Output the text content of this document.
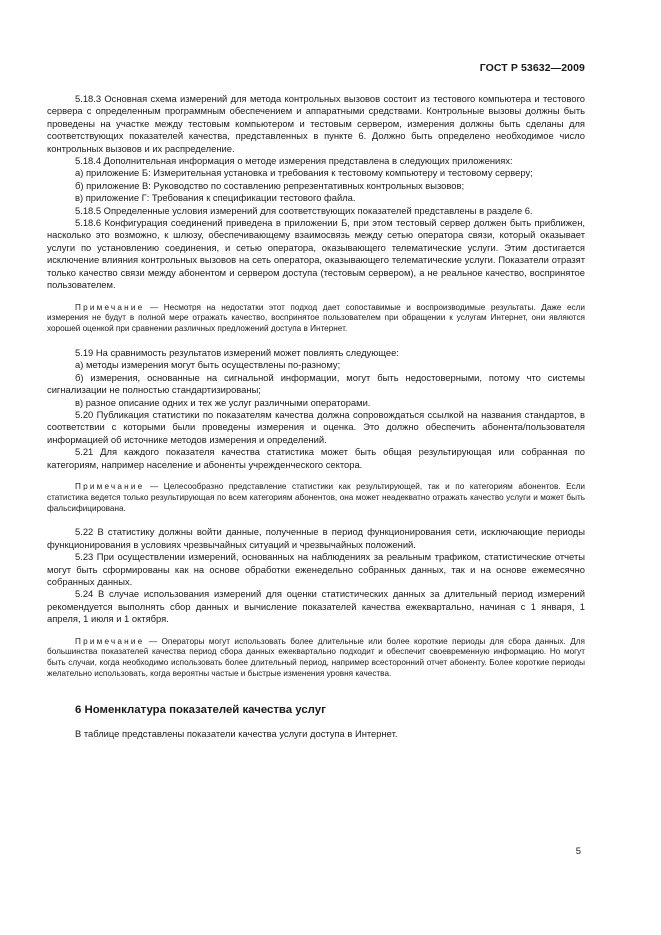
ГОСТ Р 53632—2009

5.18.3 Основная схема измерений для метода контрольных вызовов состоит из тестового компьютера и тестового сервера с определенным программным обеспечением и аппаратными средствами. Контрольные вызовы должны быть проведены на участке между тестовым компьютером и тестовым сервером, измерения должны быть сделаны для соответствующих показателей качества, представленных в пункте 6. Должно быть определено необходимое число контрольных вызовов и их распределение.

5.18.4 Дополнительная информация о методе измерения представлена в следующих приложениях:

а) приложение Б: Измерительная установка и требования к тестовому компьютеру и тестовому серверу;

б) приложение В: Руководство по составлению репрезентативных контрольных вызовов;

в) приложение Г: Требования к спецификации тестового файла.

5.18.5 Определенные условия измерений для соответствующих показателей представлены в разделе 6.

5.18.6 Конфигурация соединений приведена в приложении Б, при этом тестовый сервер должен быть приближен, насколько это возможно, к шлюзу, обеспечивающему взаимосвязь между сетью оператора связи, который оказывает услуги по установлению соединения, и сетью оператора, оказывающего телематические услуги. Этим достигается исключение влияния контрольных вызовов на сеть оператора, оказывающего телематические услуги. Показатели отразят только качество связи между абонентом и сервером доступа (тестовым сервером), а не реальное качество, воспринятое пользователем.

Примечание — Несмотря на недостатки этот подход дает сопоставимые и воспроизводимые результаты. Даже если измерения не будут в полной мере отражать качество, воспринятое пользователем при обращении к услугам Интернет, они являются хорошей оценкой при сравнении различных предложений доступа в Интернет.

5.19 На сравнимость результатов измерений может повлиять следующее:

а) методы измерения могут быть осуществлены по-разному;

б) измерения, основанные на сигнальной информации, могут быть недостоверными, потому что системы сигнализации не полностью стандартизированы;

в) разное описание одних и тех же услуг различными операторами.

5.20 Публикация статистики по показателям качества должна сопровождаться ссылкой на названия стандартов, в соответствии с которыми были проведены измерения и оценка. Это должно обеспечить абонента/пользователя информацией об источнике методов измерения и определений.

5.21 Для каждого показателя качества статистика может быть общая результирующая или собранная по категориям, например население и абоненты учрежденческого сектора.

Примечание — Целесообразно представление статистики как результирующей, так и по категориям абонентов. Если статистика ведется только результирующая по всем категориям абонентов, она может неадекватно отражать качество услуги и может быть фальсифицирована.

5.22 В статистику должны войти данные, полученные в период функционирования сети, исключающие периоды функционирования в условиях чрезвычайных ситуаций и чрезвычайных положений.

5.23 При осуществлении измерений, основанных на наблюдениях за реальным трафиком, статистические отчеты могут быть сформированы как на основе обработки еженедельно собранных данных, так и на основе ежемесячно собранных данных.

5.24 В случае использования измерений для оценки статистических данных за длительный период измерений рекомендуется выполнять сбор данных и вычисление показателей качества ежеквартально, начиная с 1 января, 1 апреля, 1 июля и 1 октября.

Примечание — Операторы могут использовать более длительные или более короткие периоды для сбора данных. Для большинства показателей качества период сбора данных ежеквартально подходит и обеспечит своевременную информацию. Но могут быть случаи, когда необходимо использовать более длительный период, например всесторонний отчет абоненту. Более короткие периоды желательно использовать, когда вероятны частые и быстрые изменения уровня качества.

6 Номенклатура показателей качества услуг

В таблице представлены показатели качества услуги доступа в Интернет.

5
